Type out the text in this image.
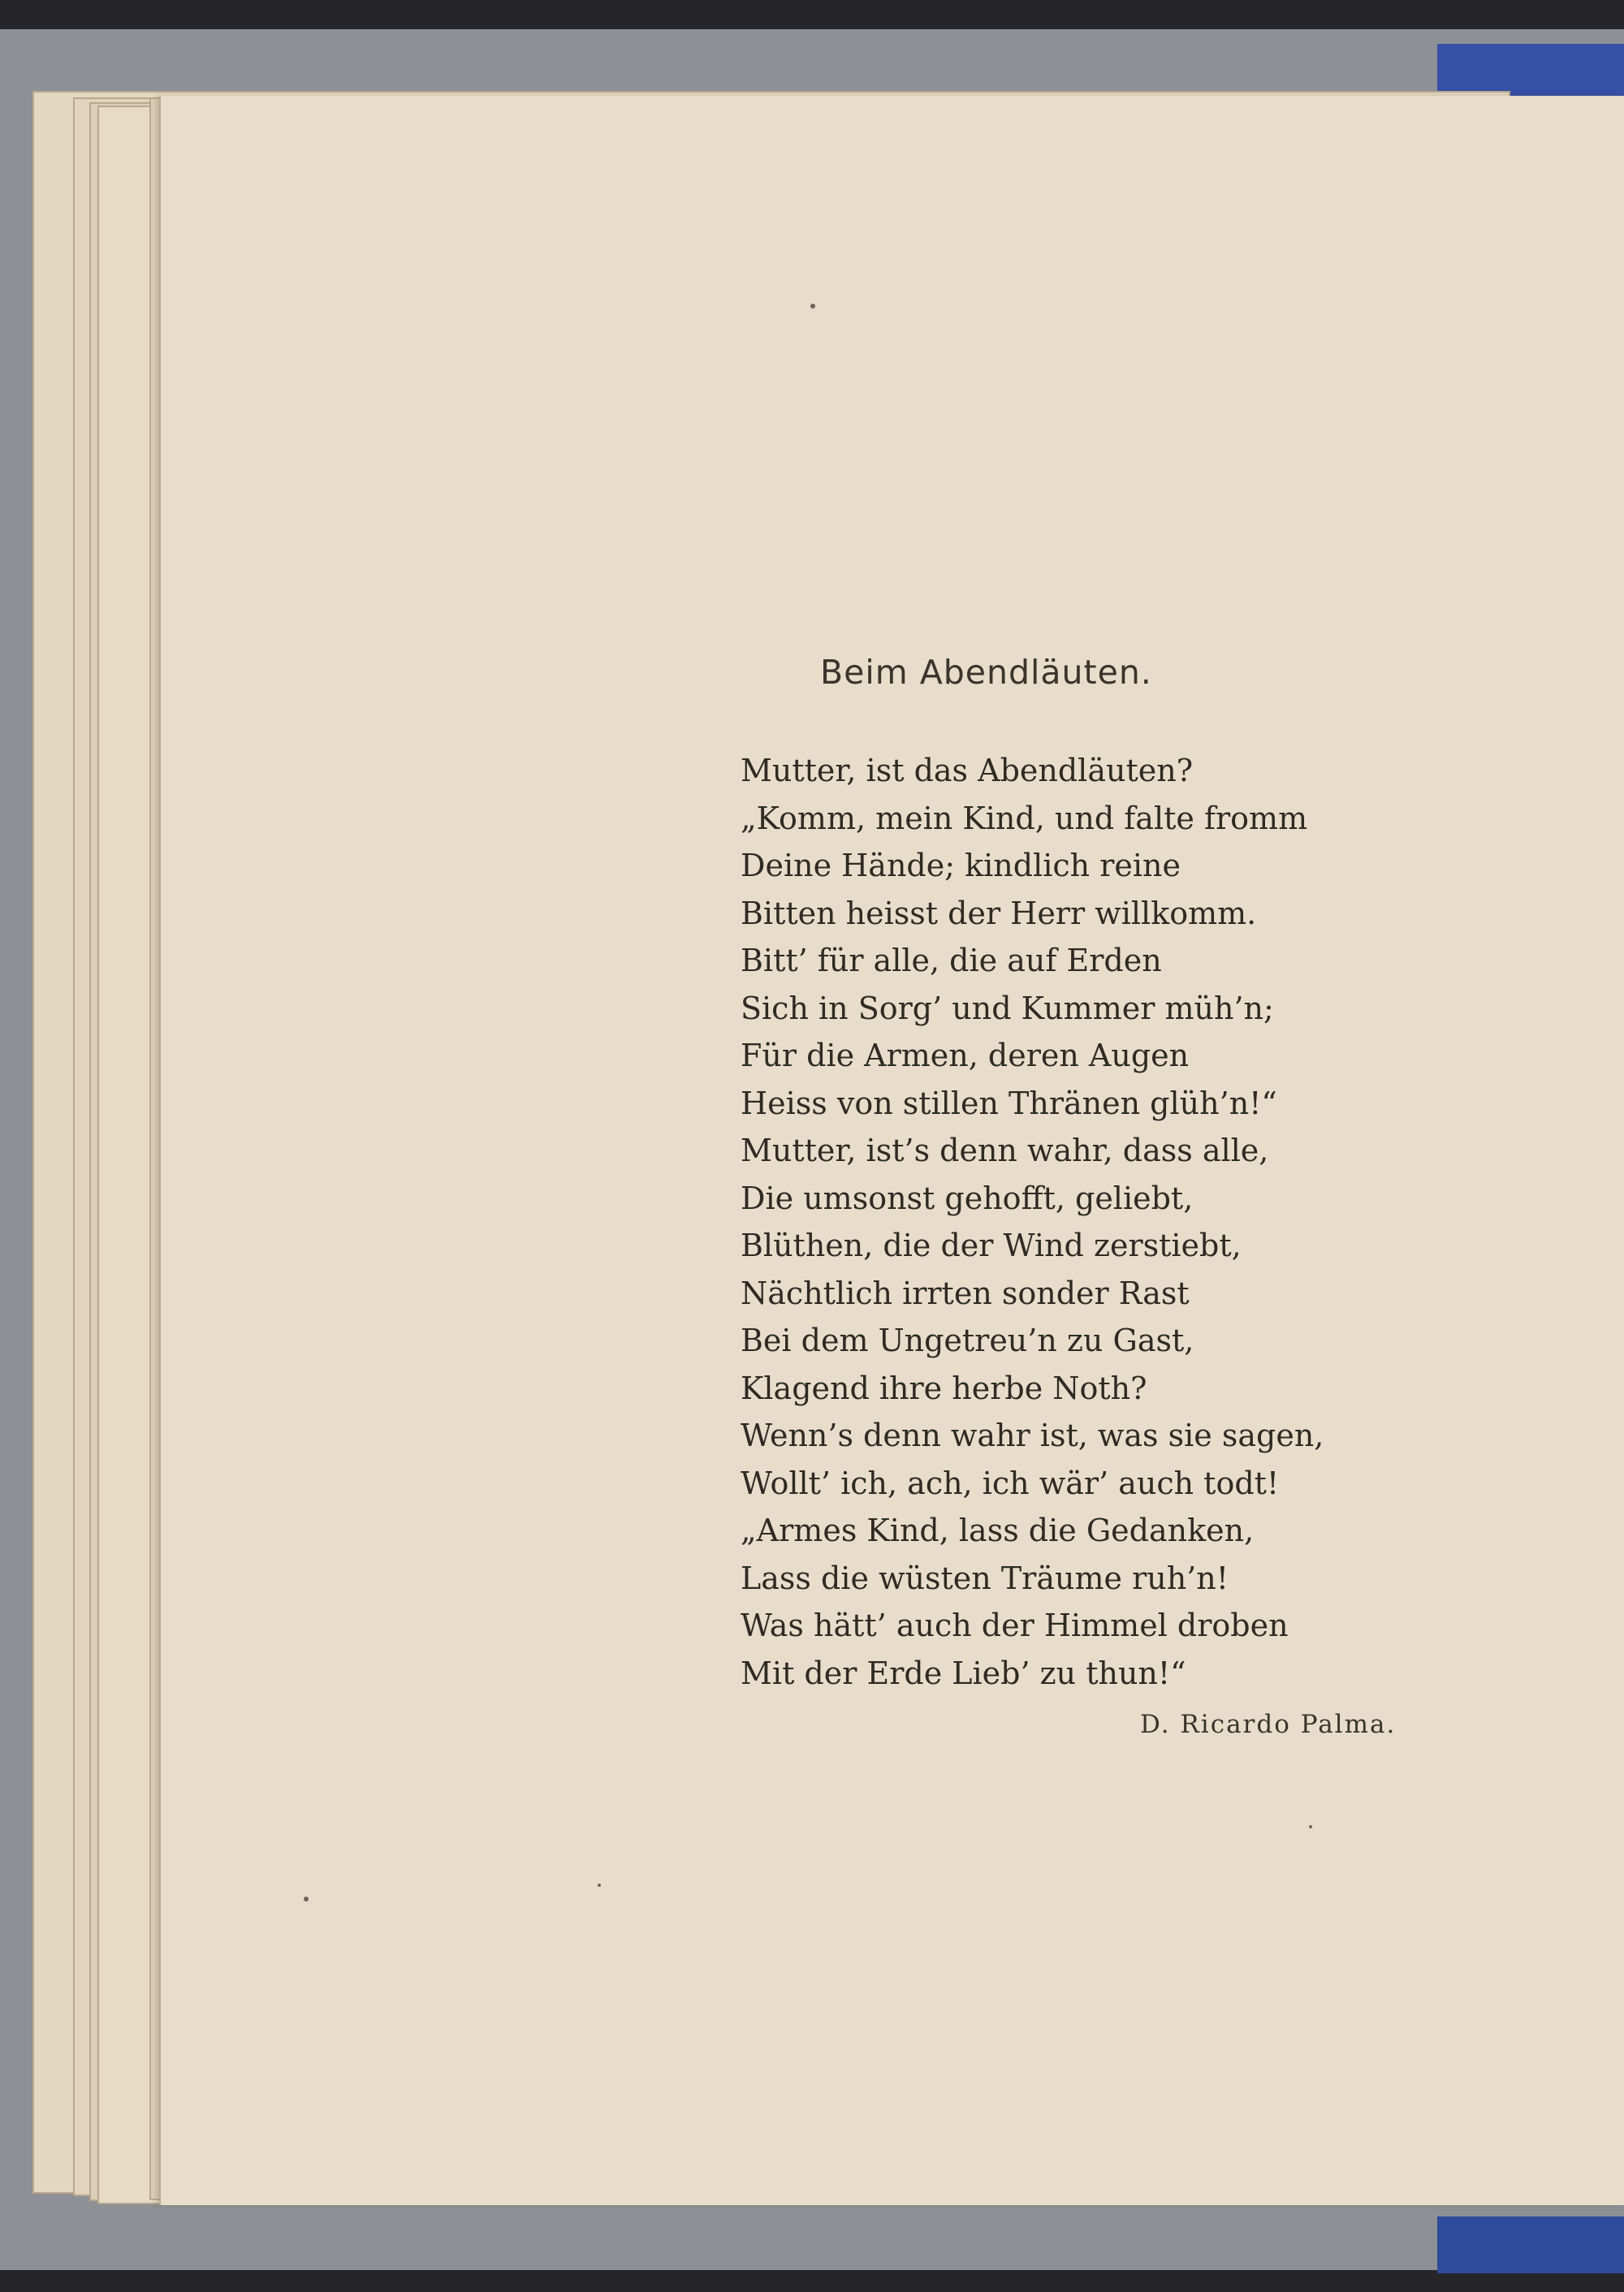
Beim Abendläuten.
Mutter, ist das Abendläuten?
„Komm, mein Kind, und falte fromm
Deine Hände; kindlich reine
Bitten heisst der Herr willkomm.
Bitt’ für alle, die auf Erden
Sich in Sorg’ und Kummer müh’n;
Für die Armen, deren Augen
Heiss von stillen Thränen glüh’n!“
Mutter, ist’s denn wahr, dass alle,
Die umsonst gehofft, geliebt,
Blüthen, die der Wind zerstiebt,
Nächtlich irrten sonder Rast
Bei dem Ungetreu’n zu Gast,
Klagend ihre herbe Noth?
Wenn’s denn wahr ist, was sie sagen,
Wollt’ ich, ach, ich wär’ auch todt!
„Armes Kind, lass die Gedanken,
Lass die wüsten Träume ruh’n!
Was hätt’ auch der Himmel droben
Mit der Erde Lieb’ zu thun!“
D. Ricardo Palma.
